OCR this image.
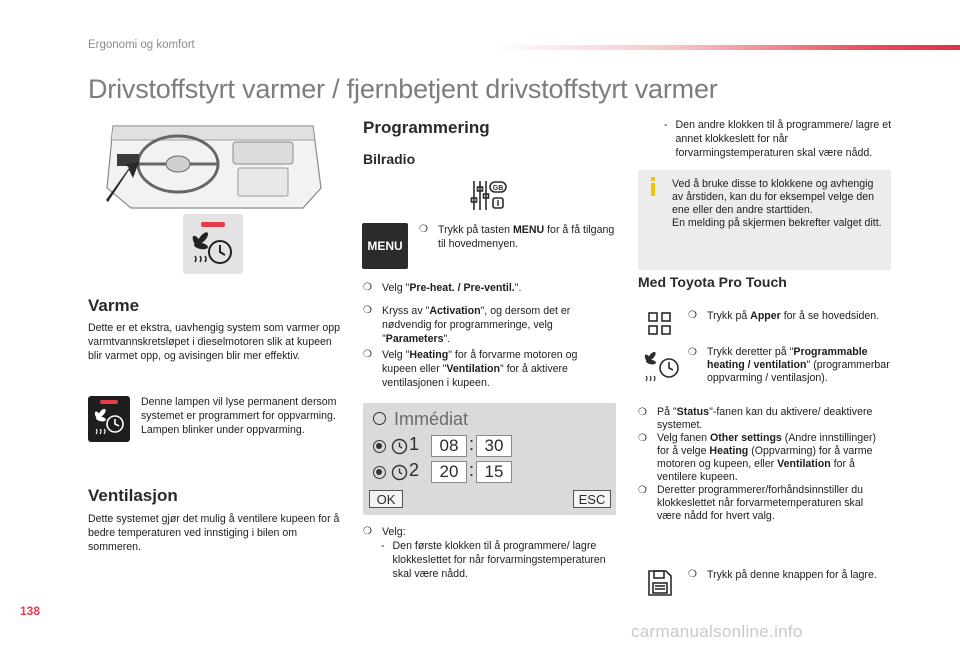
Ergonomi og komfort
Drivstoffstyrt varmer / fjernbetjent drivstoffstyrt varmer
Varme
Dette er et ekstra, uavhengig system som varmer opp varmtvannskretsløpet i dieselmotoren slik at kupeen blir varmet opp, og avisingen blir mer effektiv.
Denne lampen vil lyse permanent dersom systemet er programmert for oppvarming.
Lampen blinker under oppvarming.
Ventilasjon
Dette systemet gjør det mulig å ventilere kupeen for å bedre temperaturen ved innstiging i bilen om sommeren.
Programmering
Bilradio
GB
MENU
❍ Trykk på tasten MENU for å få tilgang til hovedmenyen.
❍ Velg "Pre-heat. / Pre-ventil.".
❍ Kryss av "Activation", og dersom det er nødvendig for programmeringe, velg "Parameters".
❍ Velg "Heating" for å forvarme motoren og kupeen eller "Ventilation" for å aktivere ventilasjonen i kupeen.
Immédiat
1	08 : 30
2	20 : 15
OK	ESC
❍ Velg:
- Den første klokken til å programmere/ lagre klokkeslettet for når forvarmingstemperaturen skal være nådd.
- Den andre klokken til å programmere/ lagre et annet klokkeslett for når forvarmingstemperaturen skal være nådd.
Ved å bruke disse to klokkene og avhengig av årstiden, kan du for eksempel velge den ene eller den andre starttiden.
En melding på skjermen bekrefter valget ditt.
Med Toyota Pro Touch
❍ Trykk på Apper for å se hovedsiden.
❍ Trykk deretter på "Programmable heating / ventilation" (programmerbar oppvarming / ventilasjon).
❍ På "Status"-fanen kan du aktivere/ deaktivere systemet.
❍ Velg fanen Other settings (Andre innstillinger) for å velge Heating (Oppvarming) for å varme motoren og kupeen, eller Ventilation for å ventilere kupeen.
❍ Deretter programmerer/forhåndsinnstiller du klokkeslettet når forvarmetemperaturen skal være nådd for hvert valg.
❍ Trykk på denne knappen for å lagre.
138
carmanualsonline.info
